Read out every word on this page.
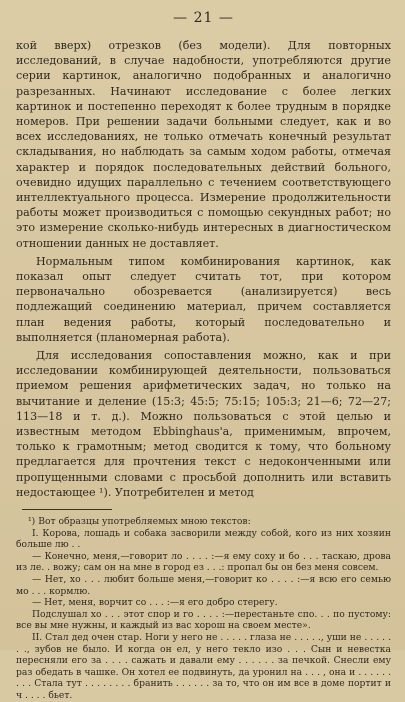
— 21 —

кой вверх) отрезков (без модели). Для повторных исследований, в случае надобности, употребляются другие серии картинок, аналогично подобранных и аналогично разрезанных. Начинают исследование с более легких картинок и постепенно переходят к более трудным в порядке номеров. При решении задачи больными следует, как и во всех исследованиях, не только отмечать конечный результат складывания, но наблюдать за самым ходом работы, отмечая характер и порядок последовательных действий больного, очевидно идущих параллельно с течением соответствующего интеллектуального процесса. Измерение продолжительности работы может производиться с помощью секундных работ; но это измерение сколько-нибудь интересных в диагностическом отношении данных не доставляет.

Нормальным типом комбинирования картинок, как показал опыт следует считать тот, при котором первоначально обозревается (анализируется) весь подлежащий соединению материал, причем составляется план ведения работы, который последовательно и выполняется (планомерная работа).

Для исследования сопоставления можно, как и при исследовании комбинирующей деятельности, пользоваться приемом решения арифметических задач, но только на вычитание и деление (15:3; 45:5; 75:15; 105:3; 21—6; 72—27; 113—18 и т. д.). Можно пользоваться с этой целью и известным методом Ebbinghaus'а, применимым, впрочем, только к грамотным; метод сводится к тому, что больному предлагается для прочтения текст с недоконченными или пропущенными словами с просьбой дополнить или вставить недостающее ¹). Употребителен и метод

¹) Вот образцы употребляемых мною текстов:

I. Корова, лошадь и собака засворили между собой, кого из них хозяин больше лю . .

— Конечно, меня,—говорит ло . . . . :—я ему соху и бо . . . таскаю, дрова из ле. . вожу; сам он на мне в город ез . . .: пропал бы он без меня совсем.

— Нет, хо . . . любит больше меня,—говорит ко . . . . :—я всю его семью мо . . . кормлю.

— Нет, меня, ворчит со . . . :—я его добро стерегу.

Подслушал хо . . . этот спор и го . . . . :—перестаньте спо. . . по пустому: все вы мне нужны, и каждый из вас хорош на своем месте».

II. Стал дед очен стар. Ноги у него не . . . . . глаза не . . . . ., уши не . . . . . . ., зубов не было. И когда он ел, у него текло изо . . . Сын и невестка пересняли его за . . . . сажать и давали ему . . . . . . за печкой. Снесли ему раз обедать в чашке. Он хотел ее подвинуть, да уронил на . . . , она и . . . . . . . . . Стала тут . . . . . . . . бранить . . . . . . за то, что он им все в доме портит и ч . . . . бьет.
